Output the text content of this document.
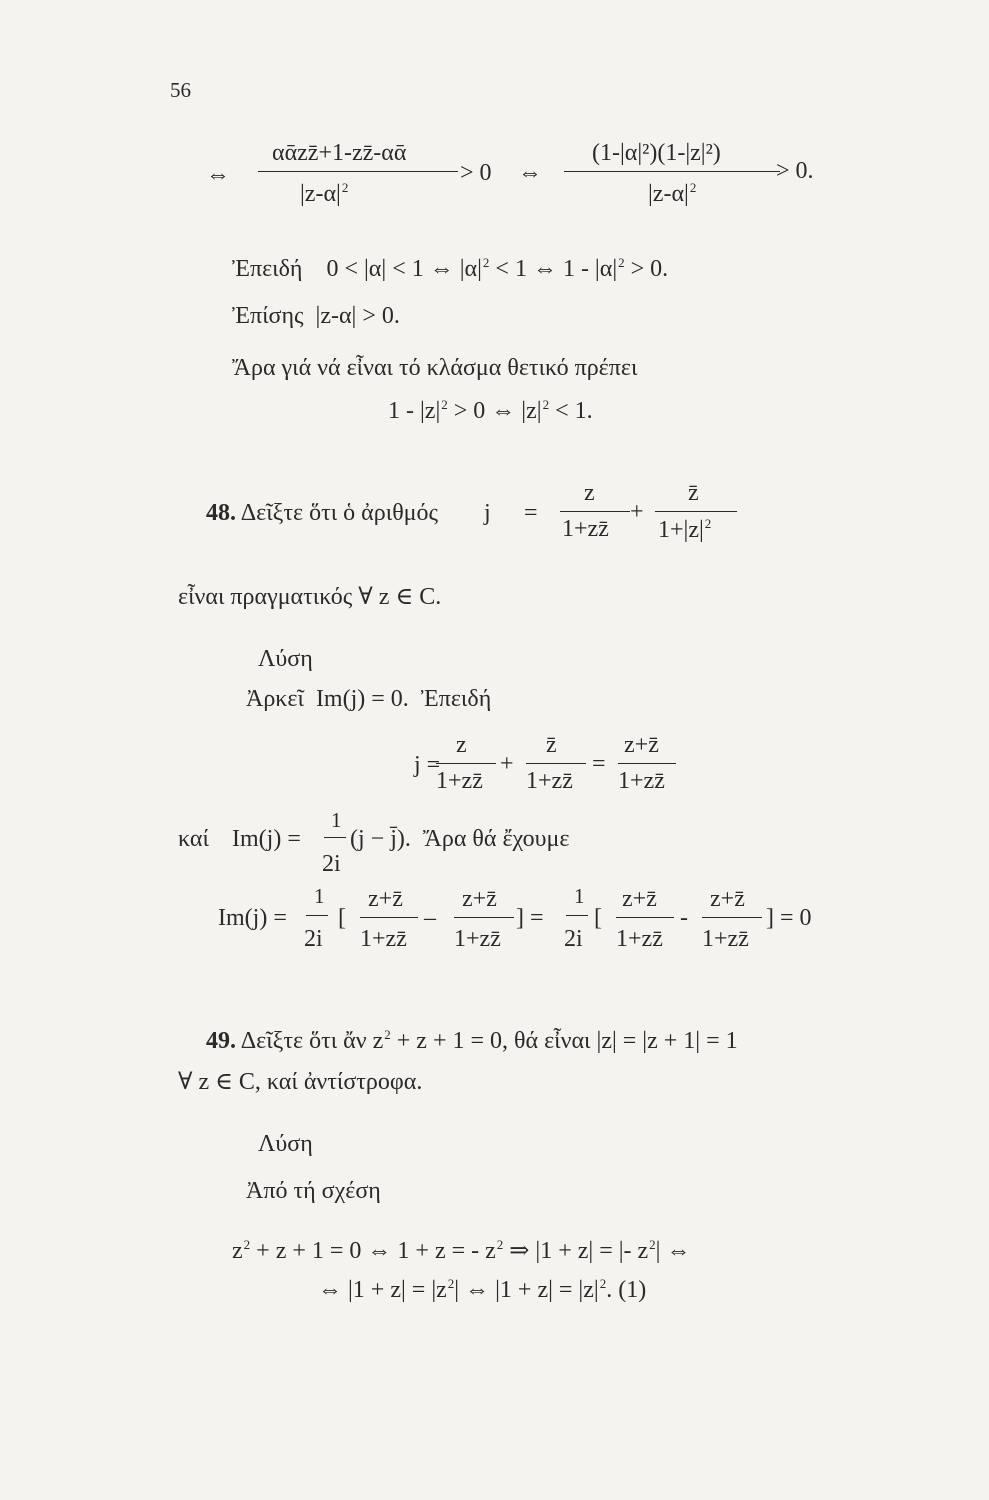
56
⇔
αᾱzz̄+1-zz̄-αᾱ
$|z-\alpha|^2$
> 0 ⇔
(1-|α|²)(1-|z|²)
$|z-\alpha|^2$
> 0.
Ἐπειδή 0 < |α| < 1 ⇔ $|\alpha|^2 < 1$ ⇔ $1 - |\alpha|^2 > 0$.
Ἐπίσης |z-α| > 0.
Ἄρα γιά νά εἶναι τό κλάσμα θετικό πρέπει
$1 - |z|^2 > 0$ ⇔ $|z|^2 < 1$.
48. Δεῖξτε ὅτι ὁ ἀριθμός j =
z
1+zz̄
+
z̄
$1+|z|^2$
εἶναι πραγματικός ∀ z ∈ C.
Λύση
Ἀρκεῖ  Im(j) = 0.  Ἐπειδή
j =
z
1+zz̄
+
z̄
1+zz̄
=
z+z̄
1+zz̄
καί Im(j) =
1
2i
(j − j̄).  Ἄρα θά ἔχουμε
Im(j) =
1
2i
[
z+z̄
1+zz̄
–
z+z̄
1+zz̄
] =
1
2i
[
z+z̄
1+zz̄
-
z+z̄
1+zz̄
] = 0
49. Δεῖξτε ὅτι ἄν $z^2 + z + 1 = 0$, θά εἶναι |z| = |z + 1| = 1
∀ z ∈ C, καί ἀντίστροφα.
Λύση
Ἀπό τή σχέση
$z^2 + z + 1 = 0$ ⇔ 1 + z = - $z^2$ ⇒ |1 + z| = |- $z^2|$ ⇔
⇔ $|1 + z| = |z^2|$ ⇔ $|1 + z| = |z|^2$. (1)
